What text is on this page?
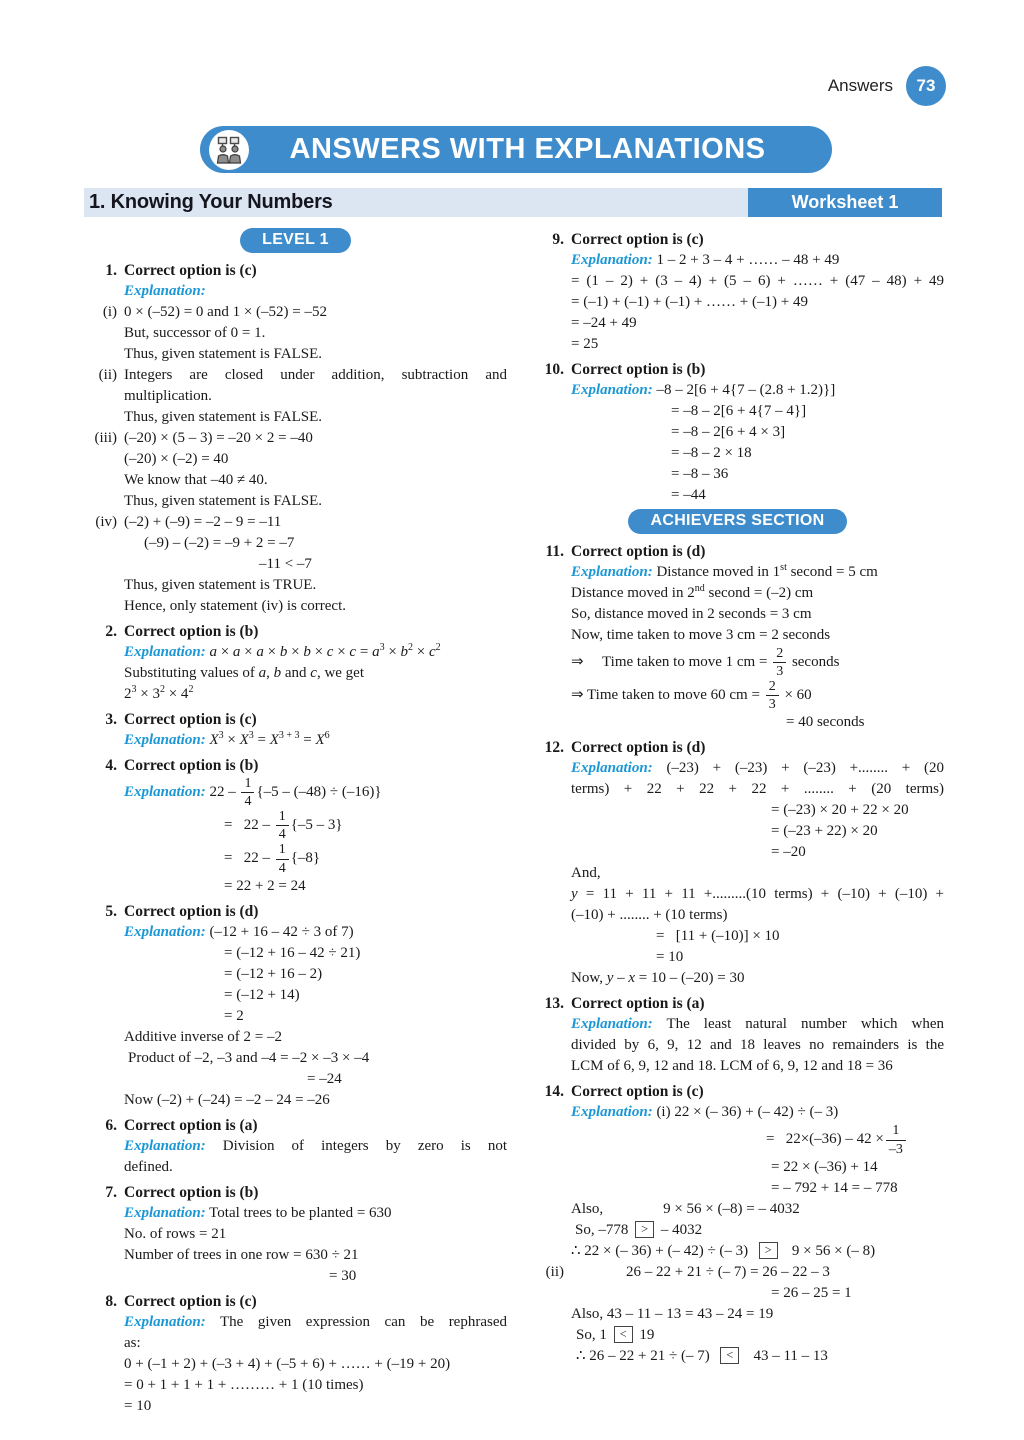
Answers	73
ANSWERS WITH EXPLANATIONS
1. Knowing Your Numbers	Worksheet 1
LEVEL 1
1. Correct option is (c)
Explanation:
(i) 0 × (–52) = 0 and 1 × (–52) = –52
But, successor of 0 = 1.
Thus, given statement is FALSE.
(ii) Integers are closed under addition, subtraction and
multiplication.
Thus, given statement is FALSE.
(iii) (–20) × (5 – 3) = –20 × 2 = –40
(–20) × (–2) = 40
We know that –40 ≠ 40.
Thus, given statement is FALSE.
(iv) (–2) + (–9) = –2 – 9 = –11
(–9) – (–2) = –9 + 2 = –7
–11 < –7
Thus, given statement is TRUE.
Hence, only statement (iv) is correct.
2. Correct option is (b)
Explanation: $a \times a \times a \times b \times b \times c \times c = a^3 \times b^2 \times c^2$
Substituting values of a, b and c, we get
$2^3 \times 3^2 \times 4^2$
3. Correct option is (c)
Explanation: $X^3 \times X^3 = X^{3 + 3} = X^6$
4. Correct option is (b)
Explanation: $22 - \frac{1}{4} \{-5 - (-48) \div (-16)\}$
=  $22 - \frac{1}{4} \{-5 - 3\}$
=  $22 - \frac{1}{4} \{-8\}$
= 22 + 2 = 24
5. Correct option is (d)
Explanation: (–12 + 16 – 42 ÷ 3 of 7)
= (–12 + 16 – 42 ÷ 21)
= (–12 + 16 – 2)
= (–12 + 14)
= 2
Additive inverse of 2 = –2
Product of –2, –3 and –4 = –2 × –3 × –4
= –24
Now (–2) + (–24) = –2 – 24 = –26
6. Correct option is (a)
Explanation: Division of integers by zero is not
defined.
7. Correct option is (b)
Explanation: Total trees to be planted = 630
No. of rows = 21
Number of trees in one row = 630 ÷ 21
= 30
8. Correct option is (c)
Explanation: The given expression can be rephrased
as:
0 + (–1 + 2) + (–3 + 4) + (–5 + 6) + …… + (–19 + 20)
= 0 + 1 + 1 + 1 + ……… + 1 (10 times)
= 10
9. Correct option is (c)
Explanation: 1 – 2 + 3 – 4 + …… – 48 + 49
= (1 – 2) + (3 – 4) + (5 – 6) + …… + (47 – 48) + 49
= (–1) + (–1) + (–1) + …… + (–1) + 49
= –24 + 49
= 25
10. Correct option is (b)
Explanation: –8 – 2[6 + 4{7 – (2.8 + 1.2)}]
= –8 – 2[6 + 4{7 – 4}]
= –8 – 2[6 + 4 × 3]
= –8 – 2 × 18
= –8 – 36
= –44
ACHIEVERS SECTION
11. Correct option is (d)
Explanation: Distance moved in 1st second = 5 cm
Distance moved in 2nd second = (–2) cm
So, distance moved in 2 seconds = 3 cm
Now, time taken to move 3 cm = 2 seconds
⇒   Time taken to move 1 cm = $\frac{2}{3}$ seconds
⇒ Time taken to move 60 cm = $\frac{2}{3} \times 60$
= 40 seconds
12. Correct option is (d)
Explanation: (–23) + (–23) + (–23) +........ + (20
terms) + 22 + 22 + 22 + ........ + (20 terms)
= (–23) × 20 + 22 × 20
= (–23 + 22) × 20
= –20
And,
y = 11 + 11 + 11 +.........(10 terms) + (–10) + (–10) +
(–10) + ........ + (10 terms)
=  [11 + (–10)] × 10
= 10
Now, y – x = 10 – (–20) = 30
13. Correct option is (a)
Explanation: The least natural number which when
divided by 6, 9, 12 and 18 leaves no remainders is the
LCM of 6, 9, 12 and 18. LCM of 6, 9, 12 and 18 = 36
14. Correct option is (c)
Explanation: (i) 22 × (– 36) + (– 42) ÷ (– 3)
=  $22\times(-36) - 42 \times \frac{1}{-3}$
= 22 × (–36) + 14
= – 792 + 14 = – 778
Also,	9 × 56 × (–8) = – 4032
So, –778 > – 4032
∴ 22 × (– 36) + (– 42) ÷ (– 3) >  9 × 56 × (– 8)
(ii)	26 – 22 + 21 ÷ (– 7) = 26 – 22 – 3
= 26 – 25 = 1
Also, 43 – 11 – 13 = 43 – 24 = 19
So, 1 < 19
∴ 26 – 22 + 21 ÷ (– 7) <  43 – 11 – 13
